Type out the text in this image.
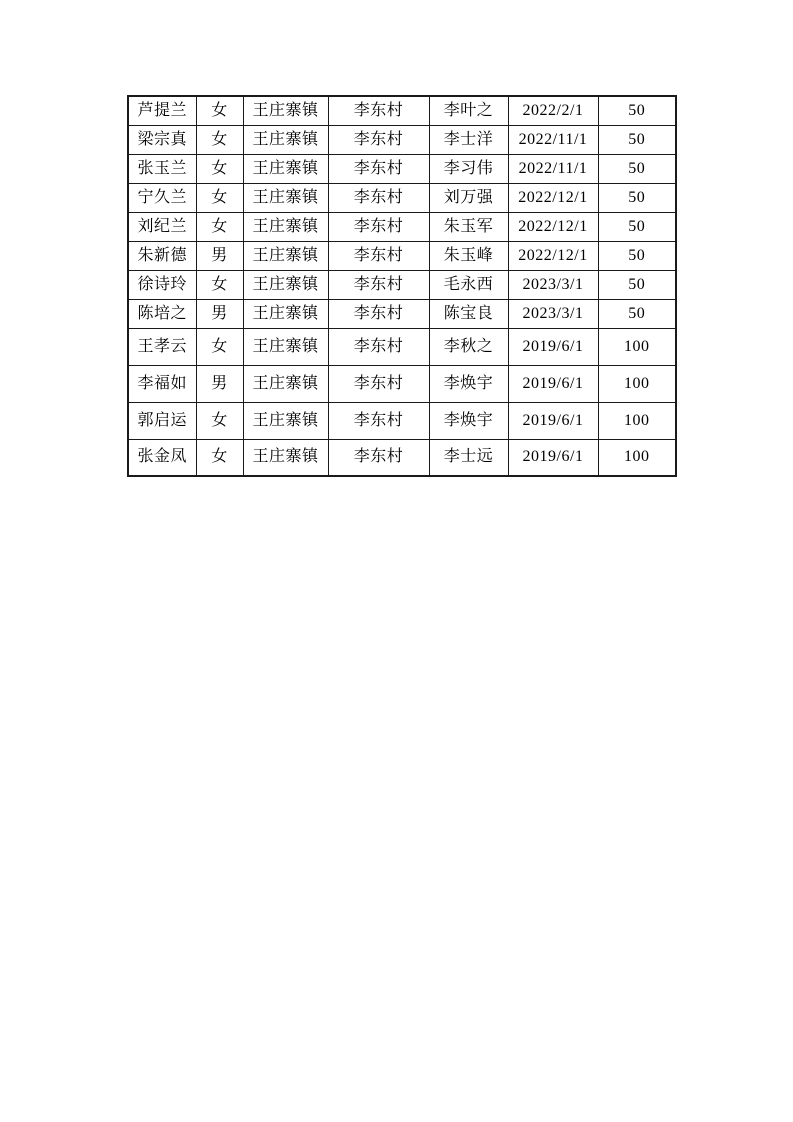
芦提兰	女	王庄寨镇	李东村	李叶之	2022/2/1	50
梁宗真	女	王庄寨镇	李东村	李士洋	2022/11/1	50
张玉兰	女	王庄寨镇	李东村	李习伟	2022/11/1	50
宁久兰	女	王庄寨镇	李东村	刘万强	2022/12/1	50
刘纪兰	女	王庄寨镇	李东村	朱玉军	2022/12/1	50
朱新德	男	王庄寨镇	李东村	朱玉峰	2022/12/1	50
徐诗玲	女	王庄寨镇	李东村	毛永西	2023/3/1	50
陈培之	男	王庄寨镇	李东村	陈宝良	2023/3/1	50
王孝云	女	王庄寨镇	李东村	李秋之	2019/6/1	100
李福如	男	王庄寨镇	李东村	李焕宇	2019/6/1	100
郭启运	女	王庄寨镇	李东村	李焕宇	2019/6/1	100
张金凤	女	王庄寨镇	李东村	李士远	2019/6/1	100
